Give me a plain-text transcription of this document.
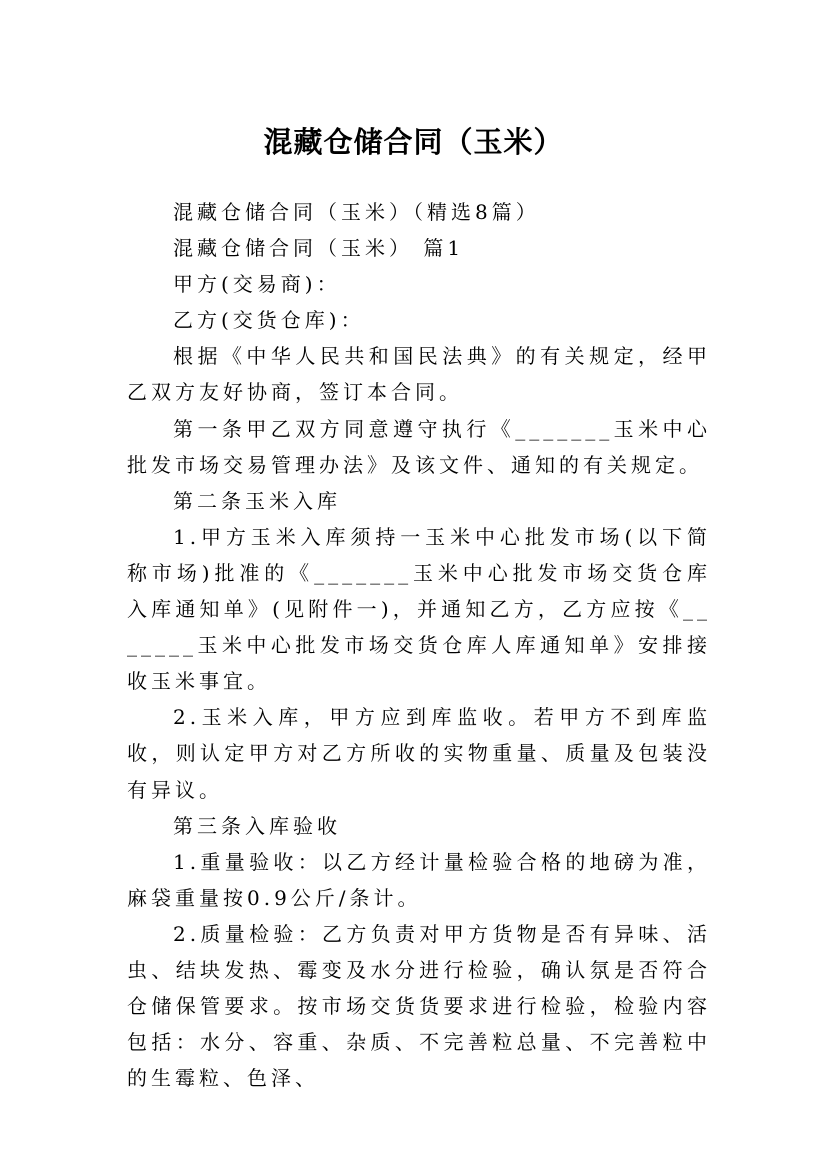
混藏仓储合同（玉米）

混藏仓储合同（玉米）（精选8篇）

混藏仓储合同（玉米） 篇1

甲方(交易商)：

乙方(交货仓库)：

根据《中华人民共和国民法典》的有关规定，经甲乙双方友好协商，签订本合同。

第一条甲乙双方同意遵守执行《_______玉米中心批发市场交易管理办法》及该文件、通知的有关规定。

第二条玉米入库

1.甲方玉米入库须持一玉米中心批发市场(以下简称市场)批准的《_______玉米中心批发市场交货仓库入库通知单》(见附件一)，并通知乙方，乙方应按《_______玉米中心批发市场交货仓库人库通知单》安排接收玉米事宜。

2.玉米入库，甲方应到库监收。若甲方不到库监收，则认定甲方对乙方所收的实物重量、质量及包装没有异议。

第三条入库验收

1.重量验收：以乙方经计量检验合格的地磅为准，麻袋重量按0.9公斤/条计。

2.质量检验：乙方负责对甲方货物是否有异味、活虫、结块发热、霉变及水分进行检验，确认氛是否符合仓储保管要求。按市场交货货要求进行检验，检验内容包括：水分、容重、杂质、不完善粒总量、不完善粒中的生霉粒、色泽、
